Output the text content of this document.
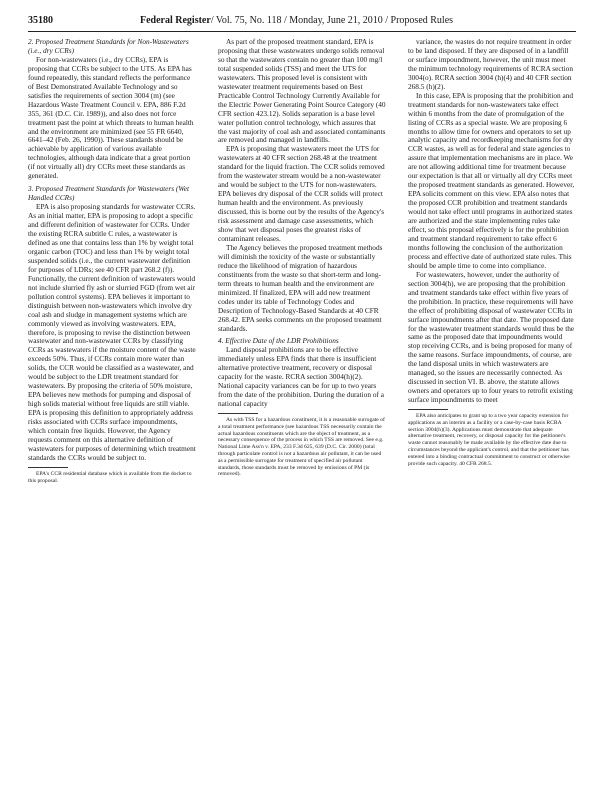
35180	Federal Register/ Vol. 75, No. 118 / Monday, June 21, 2010 / Proposed Rules

2. Proposed Treatment Standards for Non-Wastewaters (i.e., dry CCRs)

For non-wastewaters (i.e., dry CCRs), EPA is proposing that CCRs be subject to the UTS. As EPA has found repeatedly, this standard reflects the performance of Best Demonstrated Available Technology and so satisfies the requirements of section 3004 (m) (see Hazardous Waste Treatment Council v. EPA, 886 F.2d 355, 361 (D.C. Cir. 1989)), and also does not force treatment past the point at which threats to human health and the environment are minimized (see 55 FR 6640, 6641–42 (Feb. 26, 1990)). These standards should be achievable by application of various available technologies, although data indicate that a great portion (if not virtually all) dry CCRs meet these standards as generated.

3. Proposed Treatment Standards for Wastewaters (Wet Handled CCRs)

EPA is also proposing standards for wastewater CCRs. As an initial matter, EPA is proposing to adopt a specific and different definition of wastewater for CCRs. Under the existing RCRA subtitle C rules, a wastewater is defined as one that contains less than 1% by weight total organic carbon (TOC) and less than 1% by weight total suspended solids (i.e., the current wastewater definition for purposes of LDRs; see 40 CFR part 268.2 (f)). Functionally, the current definition of wastewaters would not include slurried fly ash or slurried FGD (from wet air pollution control systems). EPA believes it important to distinguish between non-wastewaters which involve dry coal ash and sludge in management systems which are commonly viewed as involving wastewaters. EPA, therefore, is proposing to revise the distinction between wastewater and non-wastewater CCRs by classifying CCRs as wastewaters if the moisture content of the waste exceeds 50%. Thus, if CCRs contain more water than solids, the CCR would be classified as a wastewater, and would be subject to the LDR treatment standard for wastewaters. By proposing the criteria of 50% moisture, EPA believes new methods for pumping and disposal of high solids material without free liquids are still viable. EPA is proposing this definition to appropriately address risks associated with CCRs surface impoundments, which contain free liquids. However, the Agency requests comment on this alternative definition of wastewaters for purposes of determining which treatment standards the CCRs would be subject to.

EPA's CCR residential database which is available from the docket to this proposal.

As part of the proposed treatment standard, EPA is proposing that these wastewaters undergo solids removal so that the wastewaters contain no greater than 100 mg/l total suspended solids (TSS) and meet the UTS for wastewaters. This proposed level is consistent with wastewater treatment requirements based on Best Practicable Control Technology Currently Available for the Electric Power Generating Point Source Category (40 CFR section 423.12). Solids separation is a base level water pollution control technology, which assures that the vast majority of coal ash and associated contaminants are removed and managed in landfills.

EPA is proposing that wastewaters meet the UTS for wastewaters at 40 CFR section 268.48 at the treatment standard for the liquid fraction. The CCR solids removed from the wastewater stream would be a non-wastewater and would be subject to the UTS for non-wastewaters. EPA believes dry disposal of the CCR solids will protect human health and the environment. As previously discussed, this is borne out by the results of the Agency's risk assessment and damage case assessments, which show that wet disposal poses the greatest risks of contaminant releases.

The Agency believes the proposed treatment methods will diminish the toxicity of the waste or substantially reduce the likelihood of migration of hazardous constituents from the waste so that short-term and long-term threats to human health and the environment are minimized. If finalized, EPA will add new treatment codes under its table of Technology Codes and Description of Technology-Based Standards at 40 CFR 268.42. EPA seeks comments on the proposed treatment standards.

4. Effective Date of the LDR Prohibitions

Land disposal prohibitions are to be effective immediately unless EPA finds that there is insufficient alternative protective treatment, recovery or disposal capacity for the waste. RCRA section 3004(h)(2). National capacity variances can be for up to two years from the date of the prohibition. During the duration of a national capacity

As with TSS for a hazardous constituent, it is a reasonable surrogate of a total treatment performance (see hazardous TSS necessarily contain the actual hazardous constituents which are the object of treatment, as a necessary consequence of the process in which TSS are removed. See e.g. National Lime Ass'n v. EPA, 233 F.3d 625, 639 (D.C. Cir. 2000) (total through particulate control is not a hazardous air pollutant, it can be used as a permissible surrogate for treatment of specified air pollutant standards, those standards must be removed by emissions of PM (is removed).

variance, the wastes do not require treatment in order to be land disposed. If they are disposed of in a landfill or surface impoundment, however, the unit must meet the minimum technology requirements of RCRA section 3004(o). RCRA section 3004 (h)(4) and 40 CFR section 268.5 (h)(2).

In this case, EPA is proposing that the prohibition and treatment standards for non-wastewaters take effect within 6 months from the date of promulgation of the listing of CCRs as a special waste. We are proposing 6 months to allow time for owners and operators to set up analytic capacity and recordkeeping mechanisms for dry CCR wastes, as well as for federal and state agencies to assure that implementation mechanisms are in place. We are not allowing additional time for treatment because our expectation is that all or virtually all dry CCRs meet the proposed treatment standards as generated. However, EPA solicits comment on this view. EPA also notes that the proposed CCR prohibition and treatment standards would not take effect until programs in authorized states are authorized and the state implementing rules take effect, so this proposal effectively is for the prohibition and treatment standard requirement to take effect 6 months following the conclusion of the authorization process and effective date of authorized state rules. This should be ample time to come into compliance.

For wastewaters, however, under the authority of section 3004(h), we are proposing that the prohibition and treatment standards take effect within five years of the prohibition. In practice, these requirements will have the effect of prohibiting disposal of wastewater CCRs in surface impoundments after that date. The proposed date for the wastewater treatment standards would thus be the same as the proposed date that impoundments would stop receiving CCRs, and is being proposed for many of the same reasons. Surface impoundments, of course, are the land disposal units in which wastewaters are managed, so the issues are necessarily connected. As discussed in section VI. B. above, the statute allows owners and operators up to four years to retrofit existing surface impoundments to meet

EPA also anticipates to grant up to a two year capacity extension for applications as an interim as a facility or a case-by-case basis RCRA section 3004(h)(3). Applications must demonstrate that adequate alternative treatment, recovery, or disposal capacity for the petitioner's waste cannot reasonably be made available by the effective date due to circumstances beyond the applicant's control, and that the petitioner has entered into a binding contractual commitment to construct or otherwise provide such capacity. 40 CFR 268.5.
